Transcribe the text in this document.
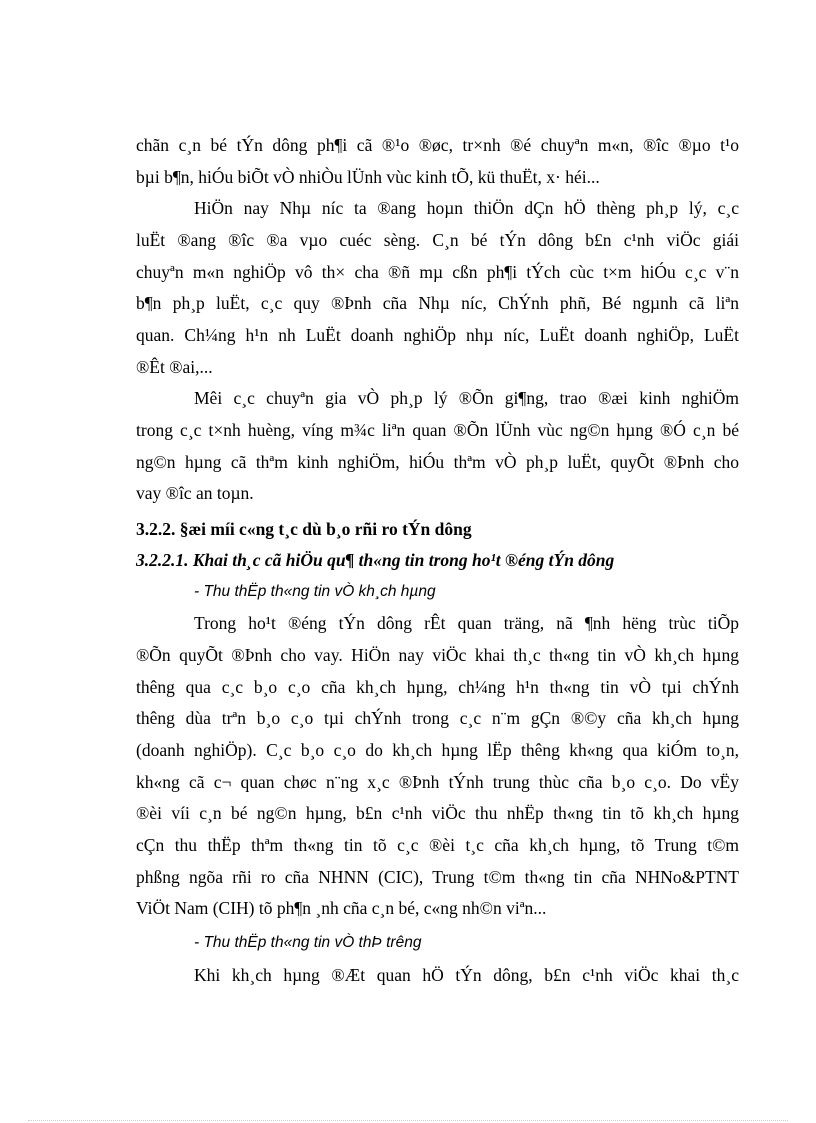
chãn c¸n bé tÝn dông ph¶i cã ®¹o ®øc, tr×nh ®é chuyªn m«n, ®îc ®µo t¹o
bµi b¶n, hiÓu biÕt vÒ nhiÒu lÜnh vùc kinh tÕ, kü thuËt, x· héi...
HiÖn nay Nhµ níc ta ®ang hoµn thiÖn dÇn hÖ thèng ph¸p lý, c¸c
luËt ®ang ®îc ®a vµo cuéc sèng. C¸n bé tÝn dông b£n c¹nh viÖc giái
chuyªn m«n nghiÖp vô th× cha ®ñ mµ cßn ph¶i tÝch cùc t×m hiÓu c¸c v¨n
b¶n ph¸p luËt, c¸c quy ®Þnh cña Nhµ níc, ChÝnh phñ, Bé ngµnh cã liªn
quan. Ch¼ng h¹n nh LuËt doanh nghiÖp nhµ níc, LuËt doanh nghiÖp, LuËt
®Êt ®ai,...
Mêi c¸c chuyªn gia vÒ ph¸p lý ®Õn gi¶ng, trao ®æi kinh nghiÖm
trong c¸c t×nh huèng, víng m¾c liªn quan ®Õn lÜnh vùc ng©n hµng ®Ó c¸n bé
ng©n hµng cã thªm kinh nghiÖm, hiÓu thªm vÒ ph¸p luËt, quyÕt ®Þnh cho
vay ®îc an toµn.
3.2.2. §æi míi c«ng t¸c dù b¸o rñi ro tÝn dông
3.2.2.1. Khai th¸c cã hiÖu qu¶ th«ng tin trong ho¹t ®éng tÝn dông
- Thu thËp th«ng tin vÒ kh¸ch hµng
Trong ho¹t ®éng tÝn dông rÊt quan träng, nã ¶nh hëng trùc tiÕp
®Õn quyÕt ®Þnh cho vay. HiÖn nay viÖc khai th¸c th«ng tin vÒ kh¸ch hµng
thêng qua c¸c b¸o c¸o cña kh¸ch hµng, ch¼ng h¹n th«ng tin vÒ tµi chÝnh
thêng dùa trªn b¸o c¸o tµi chÝnh trong c¸c n¨m gÇn ®©y cña kh¸ch hµng
(doanh nghiÖp). C¸c b¸o c¸o do kh¸ch hµng lËp thêng kh«ng qua kiÓm to¸n,
kh«ng cã c¬ quan chøc n¨ng x¸c ®Þnh tÝnh trung thùc cña b¸o c¸o. Do vËy
®èi víi c¸n bé ng©n hµng, b£n c¹nh viÖc thu nhËp th«ng tin tõ kh¸ch hµng
cÇn thu thËp thªm th«ng tin tõ c¸c ®èi t¸c cña kh¸ch hµng, tõ Trung t©m
phßng ngõa rñi ro cña NHNN (CIC), Trung t©m th«ng tin cña NHNo&PTNT
ViÖt Nam (CIH) tõ ph¶n ¸nh cña c¸n bé, c«ng nh©n viªn...
- Thu thËp th«ng tin vÒ thÞ trêng
Khi kh¸ch hµng ®Æt quan hÖ tÝn dông, b£n c¹nh viÖc khai th¸c
